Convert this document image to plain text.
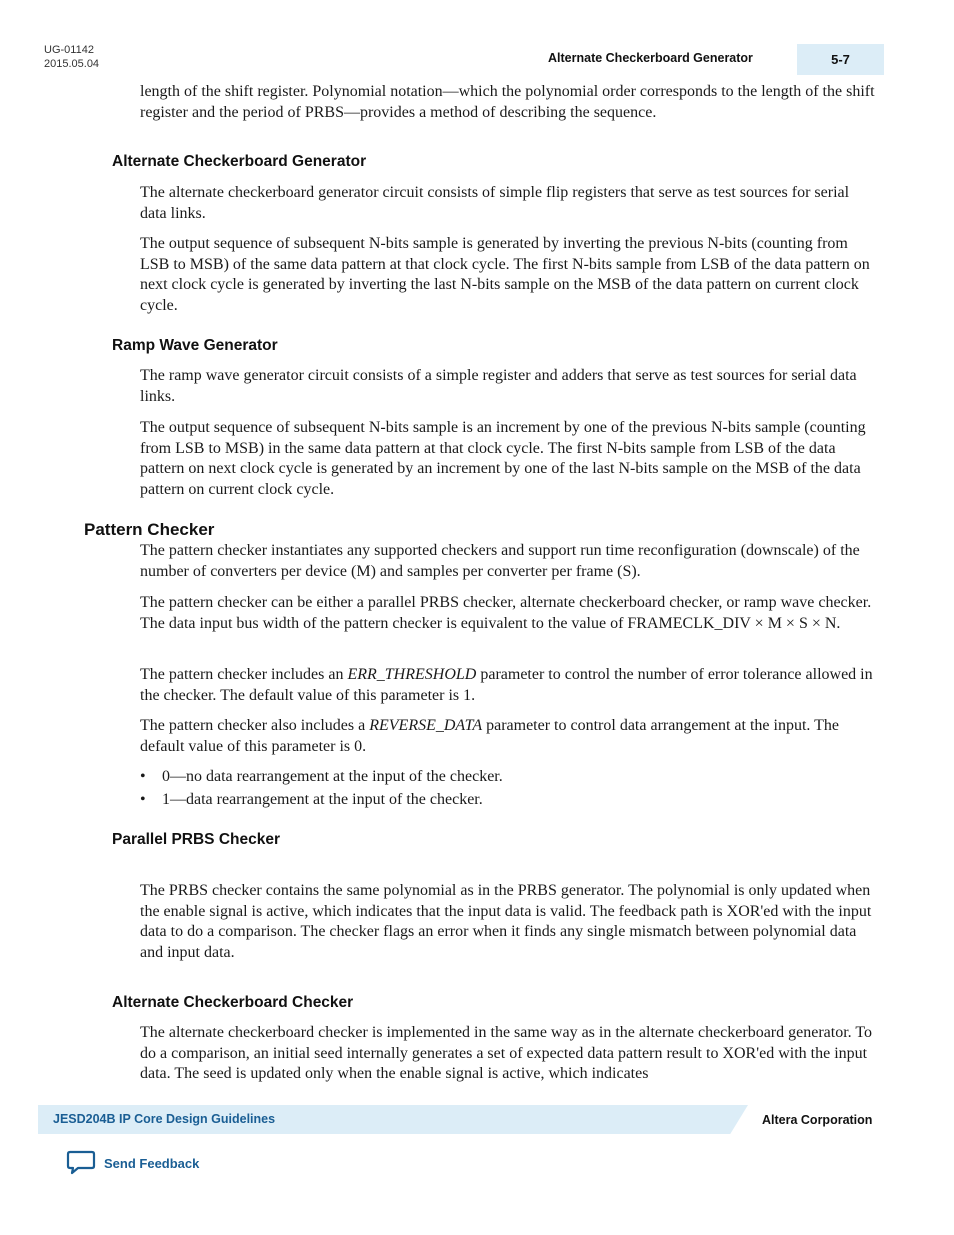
UG-01142
2015.05.04	Alternate Checkerboard Generator	5-7

length of the shift register. Polynomial notation—which the polynomial order corresponds to the length of the shift register and the period of PRBS—provides a method of describing the sequence.

Alternate Checkerboard Generator

The alternate checkerboard generator circuit consists of simple flip registers that serve as test sources for serial data links.

The output sequence of subsequent N-bits sample is generated by inverting the previous N-bits (counting from LSB to MSB) of the same data pattern at that clock cycle. The first N-bits sample from LSB of the data pattern on next clock cycle is generated by inverting the last N-bits sample on the MSB of the data pattern on current clock cycle.

Ramp Wave Generator

The ramp wave generator circuit consists of a simple register and adders that serve as test sources for serial data links.

The output sequence of subsequent N-bits sample is an increment by one of the previous N-bits sample (counting from LSB to MSB) in the same data pattern at that clock cycle. The first N-bits sample from LSB of the data pattern on next clock cycle is generated by an increment by one of the last N-bits sample on the MSB of the data pattern on current clock cycle.

Pattern Checker

The pattern checker instantiates any supported checkers and support run time reconfiguration (downscale) of the number of converters per device (M) and samples per converter per frame (S).

The pattern checker can be either a parallel PRBS checker, alternate checkerboard checker, or ramp wave checker. The data input bus width of the pattern checker is equivalent to the value of FRAMECLK_DIV × M × S × N.

The pattern checker includes an ERR_THRESHOLD parameter to control the number of error tolerance allowed in the checker. The default value of this parameter is 1.

The pattern checker also includes a REVERSE_DATA parameter to control data arrangement at the input. The default value of this parameter is 0.

• 0—no data rearrangement at the input of the checker.

• 1—data rearrangement at the input of the checker.

Parallel PRBS Checker

The PRBS checker contains the same polynomial as in the PRBS generator. The polynomial is only updated when the enable signal is active, which indicates that the input data is valid. The feedback path is XOR'ed with the input data to do a comparison. The checker flags an error when it finds any single mismatch between polynomial data and input data.

Alternate Checkerboard Checker

The alternate checkerboard checker is implemented in the same way as in the alternate checkerboard generator. To do a comparison, an initial seed internally generates a set of expected data pattern result to XOR'ed with the input data. The seed is updated only when the enable signal is active, which indicates

JESD204B IP Core Design Guidelines	Altera Corporation
Send Feedback
